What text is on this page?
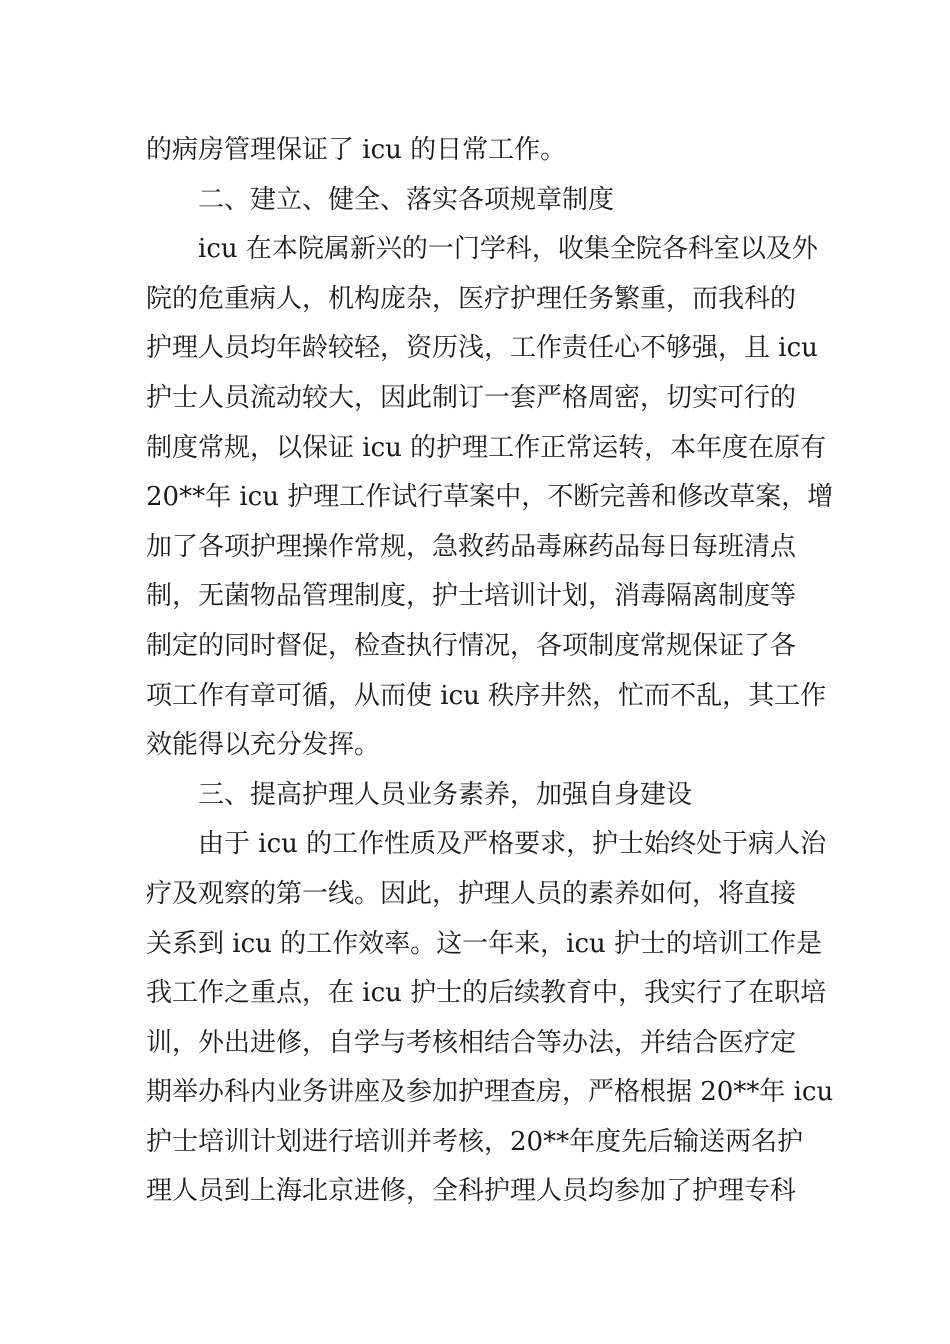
的病房管理保证了 icu 的日常工作。
二、建立、健全、落实各项规章制度
icu 在本院属新兴的一门学科，收集全院各科室以及外
院的危重病人，机构庞杂，医疗护理任务繁重，而我科的
护理人员均年龄较轻，资历浅，工作责任心不够强，且 icu
护士人员流动较大，因此制订一套严格周密，切实可行的
制度常规，以保证 icu 的护理工作正常运转，本年度在原有
20**年 icu 护理工作试行草案中，不断完善和修改草案，增
加了各项护理操作常规，急救药品毒麻药品每日每班清点
制，无菌物品管理制度，护士培训计划，消毒隔离制度等
制定的同时督促，检查执行情况，各项制度常规保证了各
项工作有章可循，从而使 icu 秩序井然，忙而不乱，其工作
效能得以充分发挥。
三、提高护理人员业务素养，加强自身建设
由于 icu 的工作性质及严格要求，护士始终处于病人治
疗及观察的第一线。因此，护理人员的素养如何，将直接
关系到 icu 的工作效率。这一年来，icu 护士的培训工作是
我工作之重点，在 icu 护士的后续教育中，我实行了在职培
训，外出进修，自学与考核相结合等办法，并结合医疗定
期举办科内业务讲座及参加护理查房，严格根据 20**年 icu
护士培训计划进行培训并考核，20**年度先后输送两名护
理人员到上海北京进修，全科护理人员均参加了护理专科
